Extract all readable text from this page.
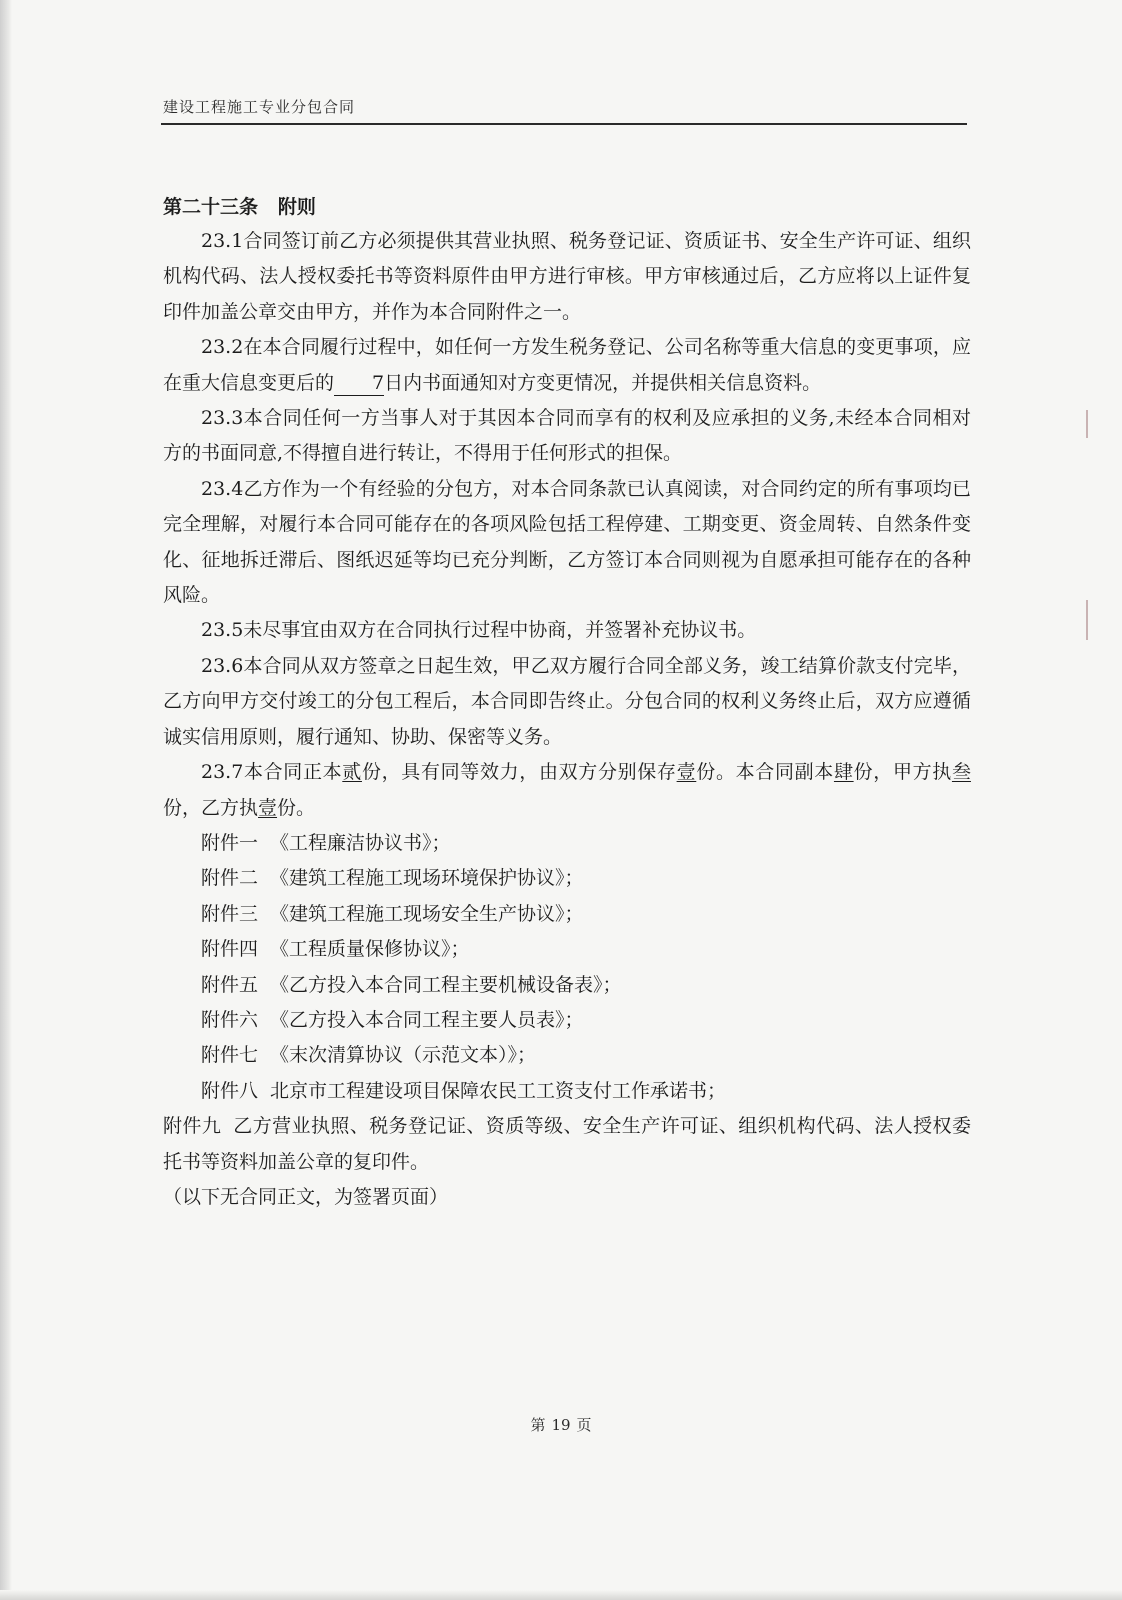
建设工程施工专业分包合同
第二十三条   附则
23.1合同签订前乙方必须提供其营业执照、税务登记证、资质证书、安全生产许可证、组织机构代码、法人授权委托书等资料原件由甲方进行审核。甲方审核通过后，乙方应将以上证件复印件加盖公章交由甲方，并作为本合同附件之一。
23.2在本合同履行过程中，如任何一方发生税务登记、公司名称等重大信息的变更事项，应在重大信息变更后的 7日内书面通知对方变更情况，并提供相关信息资料。
23.3本合同任何一方当事人对于其因本合同而享有的权利及应承担的义务,未经本合同相对方的书面同意,不得擅自进行转让，不得用于任何形式的担保。
23.4乙方作为一个有经验的分包方，对本合同条款已认真阅读，对合同约定的所有事项均已完全理解，对履行本合同可能存在的各项风险包括工程停建、工期变更、资金周转、自然条件变化、征地拆迁滞后、图纸迟延等均已充分判断，乙方签订本合同则视为自愿承担可能存在的各种风险。
23.5未尽事宜由双方在合同执行过程中协商，并签署补充协议书。
23.6本合同从双方签章之日起生效，甲乙双方履行合同全部义务，竣工结算价款支付完毕，乙方向甲方交付竣工的分包工程后，本合同即告终止。分包合同的权利义务终止后，双方应遵循诚实信用原则，履行通知、协助、保密等义务。
23.7本合同正本贰份，具有同等效力，由双方分别保存壹份。本合同副本肆份，甲方执叁份，乙方执壹份。
附件一 《工程廉洁协议书》；
附件二 《建筑工程施工现场环境保护协议》；
附件三 《建筑工程施工现场安全生产协议》；
附件四 《工程质量保修协议》；
附件五 《乙方投入本合同工程主要机械设备表》；
附件六 《乙方投入本合同工程主要人员表》；
附件七 《末次清算协议（示范文本）》；
附件八 北京市工程建设项目保障农民工工资支付工作承诺书；
附件九 乙方营业执照、税务登记证、资质等级、安全生产许可证、组织机构代码、法人授权委托书等资料加盖公章的复印件。
（以下无合同正文，为签署页面）
第 19 页
